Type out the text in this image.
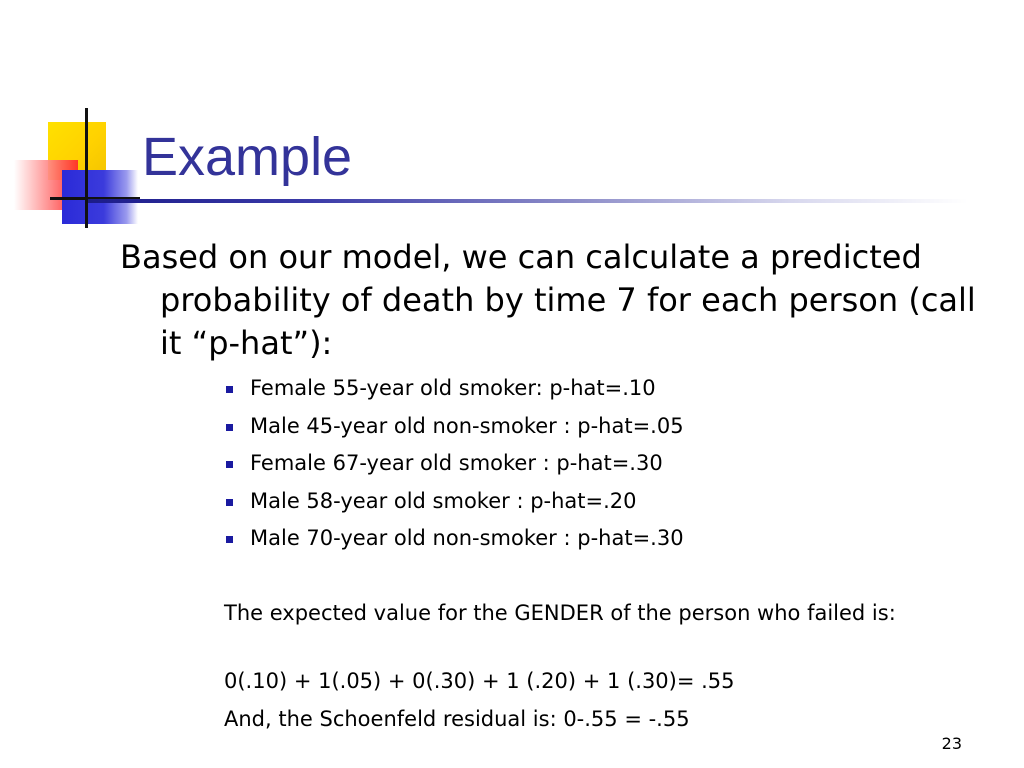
Example

Based on our model, we can calculate a predicted probability of death by time 7 for each person (call it “p-hat”):

Female 55-year old smoker: p-hat=.10
Male 45-year old non-smoker : p-hat=.05
Female 67-year old smoker : p-hat=.30
Male 58-year old smoker : p-hat=.20
Male 70-year old non-smoker : p-hat=.30

The expected value for the GENDER of the person who failed is:

0(.10) + 1(.05) + 0(.30) + 1 (.20) + 1 (.30)= .55

And, the Schoenfeld residual is: 0-.55 = -.55

23
